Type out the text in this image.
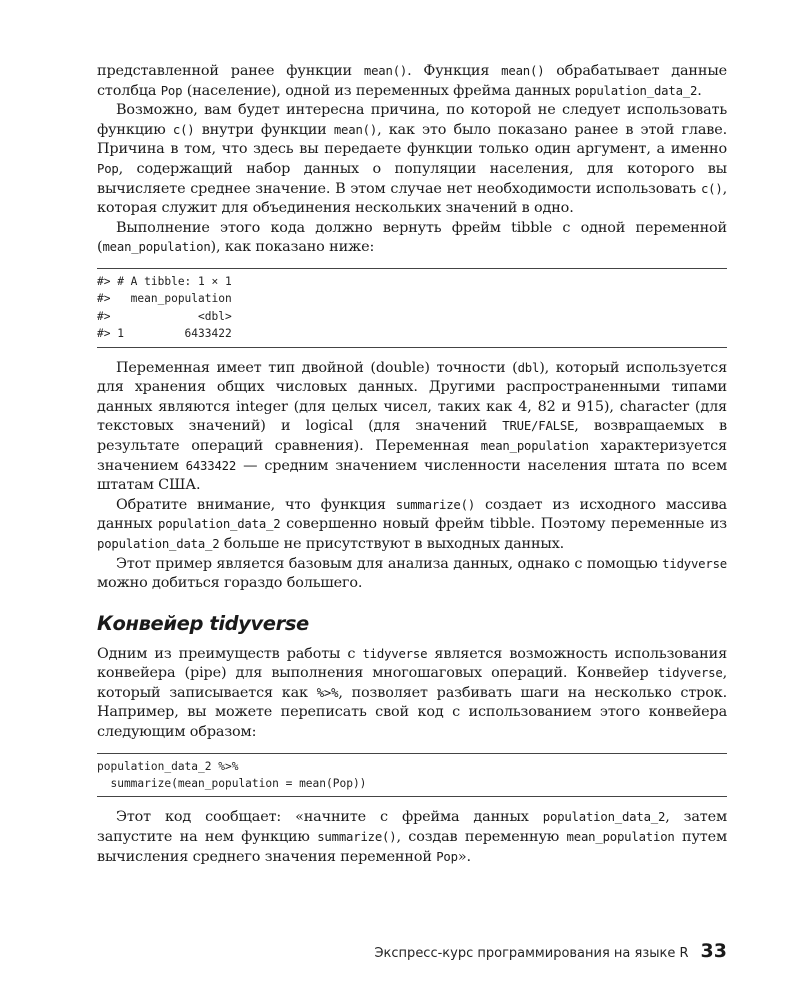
представленной ранее функции mean(). Функция mean() обрабатывает данные столбца Pop (население), одной из переменных фрейма данных population_data_2.

Возможно, вам будет интересна причина, по которой не следует использовать функцию c() внутри функции mean(), как это было показано ранее в этой главе. Причина в том, что здесь вы передаете функции только один аргумент, а именно Pop, содержащий набор данных о популяции населения, для которого вы вычисляете среднее значение. В этом случае нет необходимости использовать c(), которая служит для объединения нескольких значений в одно.

Выполнение этого кода должно вернуть фрейм tibble с одной переменной (mean_population), как показано ниже:

#> # A tibble: 1 × 1
#>   mean_population
#>             <dbl>
#> 1         6433422

Переменная имеет тип двойной (double) точности (dbl), который используется для хранения общих числовых данных. Другими распространенными типами данных являются integer (для целых чисел, таких как 4, 82 и 915), character (для текстовых значений) и logical (для значений TRUE/FALSE, возвращаемых в результате операций сравнения). Переменная mean_population характеризуется значением 6433422 — средним значением численности населения штата по всем штатам США.

Обратите внимание, что функция summarize() создает из исходного массива данных population_data_2 совершенно новый фрейм tibble. Поэтому переменные из population_data_2 больше не присутствуют в выходных данных.

Этот пример является базовым для анализа данных, однако с помощью tidyverse можно добиться гораздо большего.

Конвейер tidyverse

Одним из преимуществ работы с tidyverse является возможность использования конвейера (pipe) для выполнения многошаговых операций. Конвейер tidyverse, который записывается как %>%, позволяет разбивать шаги на несколько строк. Например, вы можете переписать свой код с использованием этого конвейера следующим образом:

population_data_2 %>%
summarize(mean_population = mean(Pop))

Этот код сообщает: «начните с фрейма данных population_data_2, затем запустите на нем функцию summarize(), создав переменную mean_population путем вычисления среднего значения переменной Pop».

Экспресс-курс программирования на языке R 33
